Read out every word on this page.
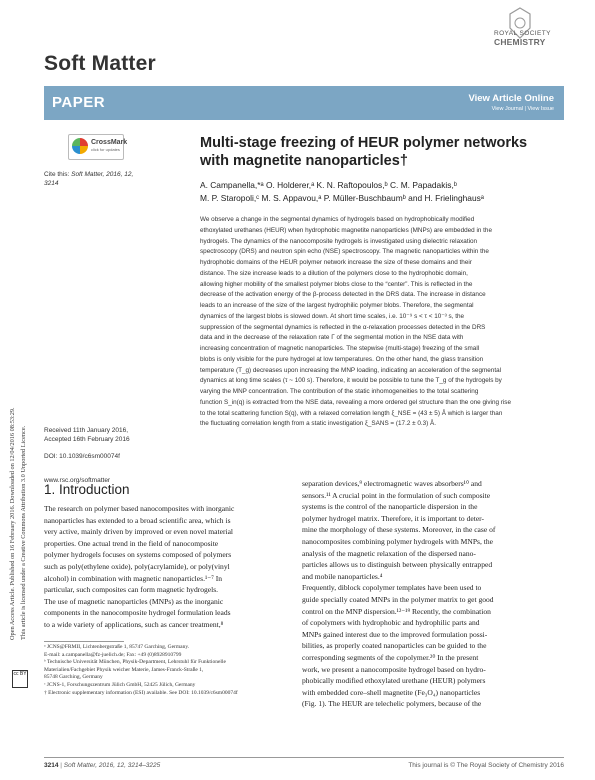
Open Access Article. Published on 16 February 2016. Downloaded on 12/04/2016 08:53:29. This article is licensed under a Creative Commons Attribution 3.0 Unported Licence.
cc BY
Soft Matter
ROYAL SOCIETY
CHEMISTRY
PAPER	View Article Online
View Journal | View Issue
CrossMark
click for updates
Cite this: Soft Matter, 2016, 12, 3214
Received 11th January 2016,
Accepted 16th February 2016
DOI: 10.1039/c6sm00074f
www.rsc.org/softmatter
Multi-stage freezing of HEUR polymer networks
with magnetite nanoparticles†
A. Campanella,*ᵃ O. Holderer,ᵃ K. N. Raftopoulos,ᵇ C. M. Papadakis,ᵇ
M. P. Staropoli,ᶜ M. S. Appavou,ᵃ P. Müller-Buschbaumᵇ and H. Frielinghausᵃ
We observe a change in the segmental dynamics of hydrogels based on hydrophobically modified
ethoxylated urethanes (HEUR) when hydrophobic magnetite nanoparticles (MNPs) are embedded in the
hydrogels. The dynamics of the nanocomposite hydrogels is investigated using dielectric relaxation
spectroscopy (DRS) and neutron spin echo (NSE) spectroscopy. The magnetic nanoparticles within the
hydrophobic domains of the HEUR polymer network increase the size of these domains and their
distance. The size increase leads to a dilution of the polymers close to the hydrophobic domain,
allowing higher mobility of the smallest polymer blobs close to the “center”. This is reflected in the
decrease of the activation energy of the β-process detected in the DRS data. The increase in distance
leads to an increase of the size of the largest hydrophilic polymer blobs. Therefore, the segmental
dynamics of the largest blobs is slowed down. At short time scales, i.e. 10⁻⁹ s < τ < 10⁻³ s, the
suppression of the segmental dynamics is reflected in the α-relaxation processes detected in the DRS
data and in the decrease of the relaxation rate Γ of the segmental motion in the NSE data with
increasing concentration of magnetic nanoparticles. The stepwise (multi-stage) freezing of the small
blobs is only visible for the pure hydrogel at low temperatures. On the other hand, the glass transition
temperature (T_g) decreases upon increasing the MNP loading, indicating an acceleration of the segmental
dynamics at long time scales (τ ~ 100 s). Therefore, it would be possible to tune the T_g of the hydrogels by
varying the MNP concentration. The contribution of the static inhomogeneities to the total scattering
function S_in(q) is extracted from the NSE data, revealing a more ordered gel structure than the one giving rise
to the total scattering function S(q), with a relaxed correlation length ξ_NSE = (43 ± 5) Å which is larger than
the fluctuating correlation length from a static investigation ξ_SANS = (17.2 ± 0.3) Å.
1. Introduction
The research on polymer based nanocomposites with inorganic
nanoparticles has extended to a broad scientific area, which is
very active, mainly driven by improved or even novel material
properties. One actual trend in the field of nanocomposite
polymer hydrogels focuses on systems composed of polymers
such as poly(ethylene oxide), poly(acrylamide), or poly(vinyl
alcohol) in combination with magnetic nanoparticles.¹⁻⁷ In
particular, such composites can form magnetic hydrogels.
The use of magnetic nanoparticles (MNPs) as the inorganic
components in the nanocomposite hydrogel formulation leads
to a wide variety of applications, such as cancer treatment,⁸
ᵃ JCNS@FRMII, Lichtenbergstraße 1, 85747 Garching, Germany.
E-mail: a.campanella@fz-juelich.de; Fax: +49 (0)8928910799
ᵇ Technische Universität München, Physik-Department, Lehrstuhl für Funktionelle
Materialien/Fachgebiet Physik weicher Materie, James-Franck-Straße 1,
85748 Garching, Germany
ᶜ JCNS-1, Forschungszentrum Jülich GmbH, 52425 Jülich, Germany
† Electronic supplementary information (ESI) available. See DOI: 10.1039/c6sm00074f
separation devices,⁹ electromagnetic waves absorbers¹⁰ and
sensors.¹¹ A crucial point in the formulation of such composite
systems is the control of the nanoparticle dispersion in the
polymer hydrogel matrix. Therefore, it is important to deter-
mine the morphology of these systems. Moreover, in the case of
nanocomposites combining polymer hydrogels with MNPs, the
analysis of the magnetic relaxation of the dispersed nano-
particles allows us to distinguish between physically entrapped
and mobile nanoparticles.⁴
Frequently, diblock copolymer templates have been used to
guide specially coated MNPs in the polymer matrix to get good
control on the MNP dispersion.¹²⁻¹⁹ Recently, the combination
of copolymers with hydrophobic and hydrophilic parts and
MNPs gained interest due to the improved formulation possi-
bilities, as properly coated nanoparticles can be guided to the
corresponding segments of the copolymer.²⁰ In the present
work, we present a nanocomposite hydrogel based on hydro-
phobically modified ethoxylated urethane (HEUR) polymers
with embedded core–shell magnetite (Fe₃O₄) nanoparticles
(Fig. 1). The HEUR are telechelic polymers, because of the
3214 | Soft Matter, 2016, 12, 3214–3225	This journal is © The Royal Society of Chemistry 2016
